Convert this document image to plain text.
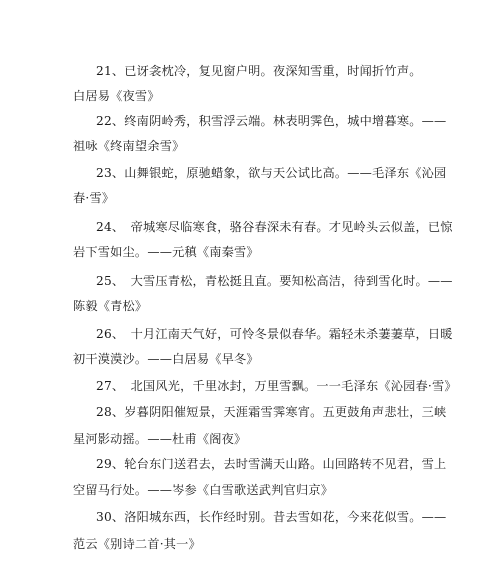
21、已讶衾枕冷，复见窗户明。夜深知雪重，时闻折竹声。
白居易《夜雪》
22、终南阴岭秀，积雪浮云端。林表明霁色，城中增暮寒。——
祖咏《终南望余雪》
23、山舞银蛇，原驰蜡象，欲与天公试比高。——毛泽东《沁园
春·雪》
24、　帝城寒尽临寒食，骆谷春深未有春。才见岭头云似盖，已惊
岩下雪如尘。——元稹《南秦雪》
25、　大雪压青松，青松挺且直。要知松高洁，待到雪化时。——
陈毅《青松》
26、　十月江南天气好，可怜冬景似春华。霜轻未杀萋萋草，日暖
初干漠漠沙。——白居易《早冬》
27、　北国风光，千里冰封，万里雪飘。一一毛泽东《沁园春·雪》
28、岁暮阴阳催短景，天涯霜雪霁寒宵。五更鼓角声悲壮，三峡
星河影动摇。——杜甫《阁夜》
29、轮台东门送君去，去时雪满天山路。山回路转不见君，雪上
空留马行处。——岑参《白雪歌送武判官归京》
30、洛阳城东西，长作经时别。昔去雪如花，今来花似雪。——
范云《别诗二首·其一》
